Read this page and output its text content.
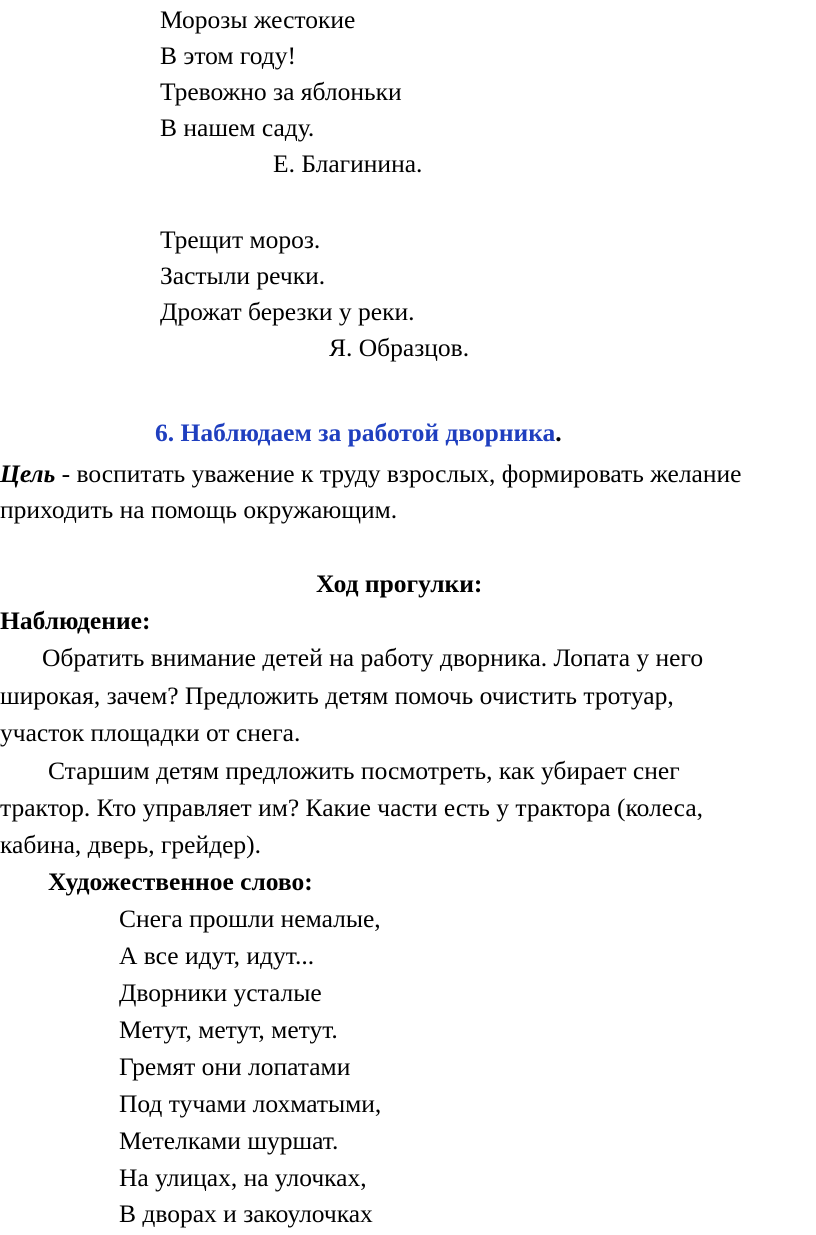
Морозы жестокие
В этом году!
Тревожно за яблоньки
В нашем саду.
Е. Благинина.
Трещит мороз.
Застыли речки.
Дрожат березки у реки.
Я. Образцов.
6. Наблюдаем за работой дворника.
Цель - воспитать уважение к труду взрослых, формировать желание
приходить на помощь окружающим.
Ход прогулки:
Наблюдение:
Обратить внимание детей на работу дворника. Лопата у него
широкая, зачем? Предложить детям помочь очистить тротуар,
участок площадки от снега.
Старшим детям предложить посмотреть, как убирает снег
трактор. Кто управляет им? Какие части есть у трактора (колеса,
кабина, дверь, грейдер).
Художественное слово:
Снега прошли немалые,
А все идут, идут...
Дворники усталые
Метут, метут, метут.
Гремят они лопатами
Под тучами лохматыми,
Метелками шуршат.
На улицах, на улочках,
В дворах и закоулочках
